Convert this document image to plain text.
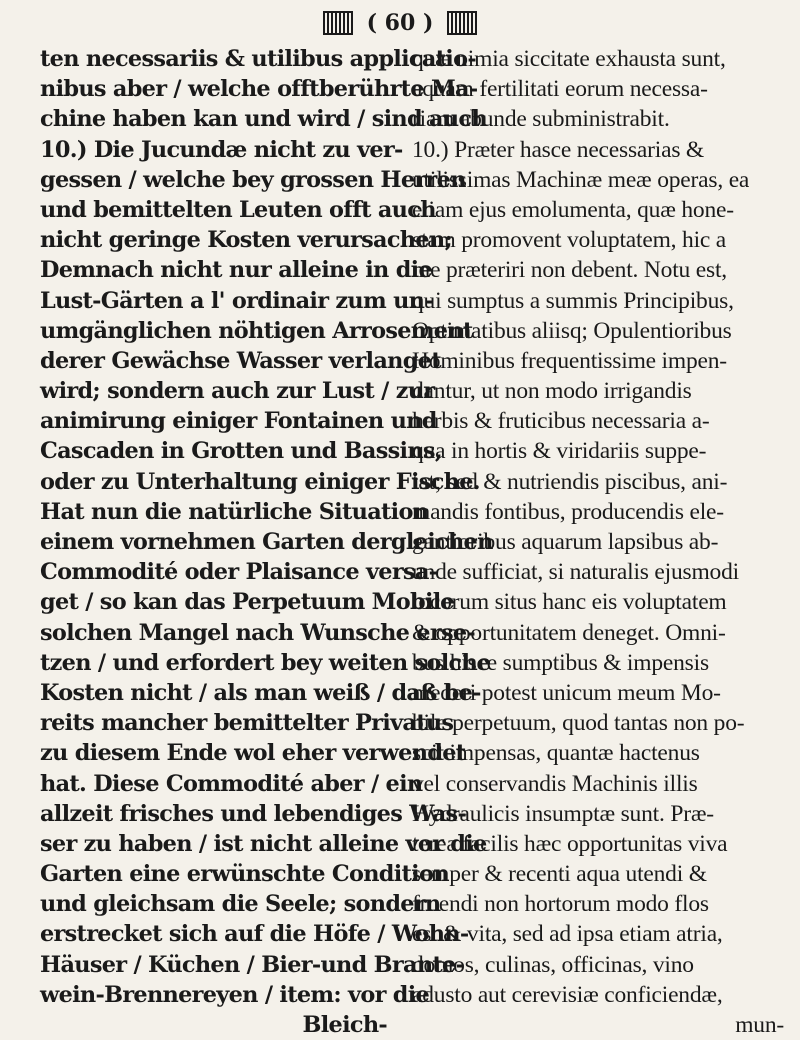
( 60 )
ten necessariis & utilibus applicatio-
nibus aber / welche offtberührte Ma-
chine haben kan und wird / sind auch
10.) Die Jucundæ nicht zu ver-
gessen / welche bey grossen Herren
und bemittelten Leuten offt auch
nicht geringe Kosten verursachen;
Demnach nicht nur alleine in die
Lust-Gärten a l' ordinair zum un-
umgänglichen nöhtigen Arrosement
derer Gewächse Wasser verlanget
wird; sondern auch zur Lust / zur
animirung einiger Fontainen und
Cascaden in Grotten und Bassins,
oder zu Unterhaltung einiger Fische.
Hat nun die natürliche Situation
einem vornehmen Garten dergleichen
Commodité oder Plaisance versa-
get / so kan das Perpetuum Mobile
solchen Mangel nach Wunsche erse-
tzen / und erfordert bey weiten solche
Kosten nicht / als man weiß / daß be-
reits mancher bemittelter Privatus
zu diesem Ende wol eher verwendet
hat. Diese Commodité aber / ein
allzeit frisches und lebendiges Was-
ser zu haben / ist nicht alleine vor die
Garten eine erwünschte Condition
und gleichsam die Seele; sondern
erstrecket sich auf die Höfe / Wohn-
Häuser / Küchen / Bier-und Brante-
wein-Brennereyen / item: vor die
Bleich-
quæ nimia siccitate exhausta sunt,
aquam fertilitati eorum necessa-
riam abunde subministrabit.
10.) Præter hasce necessarias &
utilissimas Machinæ meæ operas, ea
etiam ejus emolumenta, quæ hone-
stam promovent voluptatem, hic a
me præteriri non debent. Notu est,
qui sumptus a summis Principibus,
Optimatibus aliisq; Opulentioribus
Hominibus frequentissime impen-
dantur, ut non modo irrigandis
herbis & fruticibus necessaria a-
qua in hortis & viridariis suppe-
tat; sed & nutriendis piscibus, ani-
mandis fontibus, producendis ele-
gantioribus aquarum lapsibus ab-
unde sufficiat, si naturalis ejusmodi
locorum situs hanc eis voluptatem
& opportunitatem deneget. Omni-
bus hisce sumptibus & impensis
mederi potest unicum meum Mo-
bile perpetuum, quod tantas non po-
scit impensas, quantæ hactenus
vel conservandis Machinis illis
Hydraulicis insumptæ sunt. Præ-
terea facilis hæc opportunitas viva
semper & recenti aqua utendi &
fruendi non hortorum modo flos
est & vita, sed ad ipsa etiam atria,
domos, culinas, officinas, vino
adusto aut cerevisiæ conficiendæ,
mun-
